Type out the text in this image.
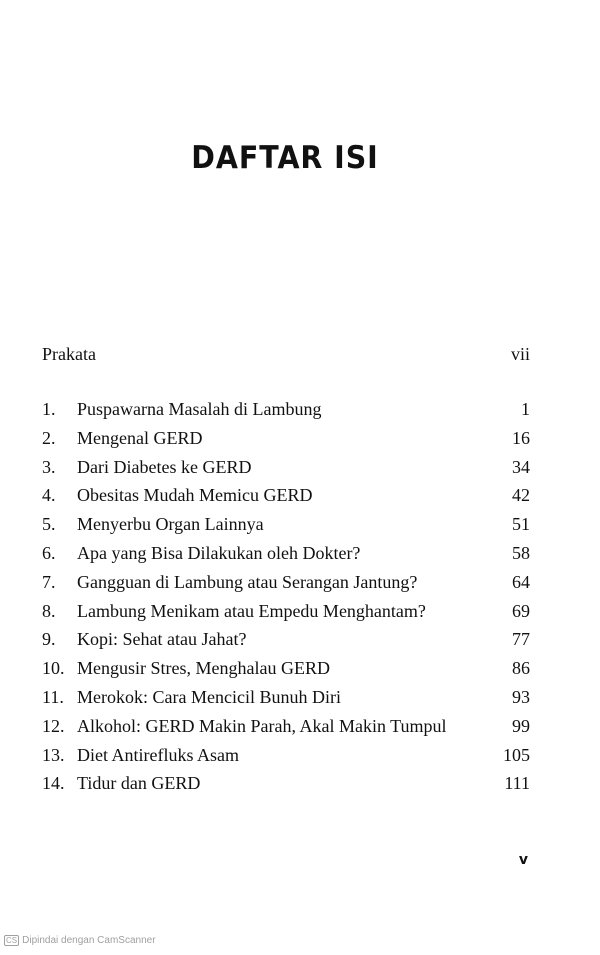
DAFTAR ISI
Prakata	vii
1. Puspawarna Masalah di Lambung	1
2. Mengenal GERD	16
3. Dari Diabetes ke GERD	34
4. Obesitas Mudah Memicu GERD	42
5. Menyerbu Organ Lainnya	51
6. Apa yang Bisa Dilakukan oleh Dokter?	58
7. Gangguan di Lambung atau Serangan Jantung?	64
8. Lambung Menikam atau Empedu Menghantam?	69
9. Kopi: Sehat atau Jahat?	77
10. Mengusir Stres, Menghalau GERD	86
11. Merokok: Cara Mencicil Bunuh Diri	93
12. Alkohol: GERD Makin Parah, Akal Makin Tumpul	99
13. Diet Antirefluks Asam	105
14. Tidur dan GERD	111
v
CS Dipindai dengan CamScanner
